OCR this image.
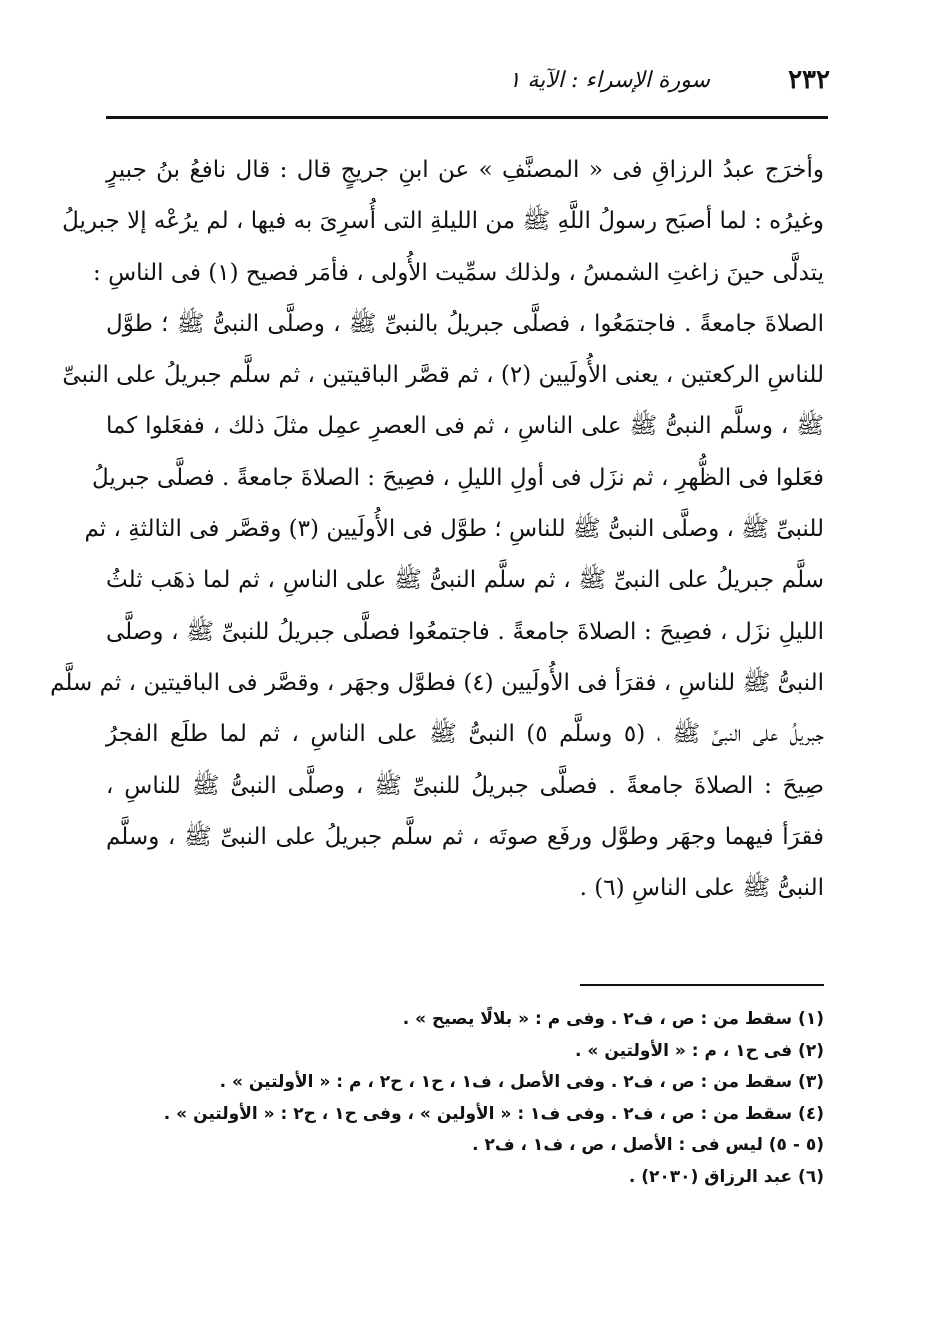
٢٣٢
سورة الإسراء : الآية ١
وأخرَج عبدُ الرزاقِ فى « المصنَّفِ » عن ابنِ جريجٍ قال : قال نافعُ بنُ جبيرٍ
وغيرُه : لما أصبَح رسولُ اللَّهِ ﷺ من الليلةِ التى أُسرِىَ به فيها ، لم يرُعْه إلا جبريلُ
يتدلَّى حينَ زاغتِ الشمسُ ، ولذلك سمِّيت الأُولى ، فأمَر فصيح (١) فى الناسِ :
الصلاةَ جامعةً . فاجتمَعُوا ، فصلَّى جبريلُ بالنبىِّ ﷺ ، وصلَّى النبىُّ ﷺ ؛ طوَّل
للناسِ الركعتين ، يعنى الأُولَيين (٢) ، ثم قصَّر الباقيتين ، ثم سلَّم جبريلُ على النبىِّ
ﷺ ، وسلَّم النبىُّ ﷺ على الناسِ ، ثم فى العصرِ عمِل مثلَ ذلك ، ففعَلوا كما
فعَلوا فى الظُّهرِ ، ثم نزَل فى أولِ الليلِ ، فصِيحَ : الصلاةَ جامعةً . فصلَّى جبريلُ
للنبىِّ ﷺ ، وصلَّى النبىُّ ﷺ للناسِ ؛ طوَّل فى الأُولَيين (٣) وقصَّر فى الثالثةِ ، ثم
سلَّم جبريلُ على النبىِّ ﷺ ، ثم سلَّم النبىُّ ﷺ على الناسِ ، ثم لما ذهَب ثلثُ
الليلِ نزَل ، فصِيحَ : الصلاةَ جامعةً . فاجتمعُوا فصلَّى جبريلُ للنبىِّ ﷺ ، وصلَّى
النبىُّ ﷺ للناسِ ، فقرَأ فى الأُولَيين (٤) فطوَّل وجهَر ، وقصَّر فى الباقيتين ، ثم سلَّم
جبريلُ على النبىِّ ﷺ ، (٥ وسلَّم ٥) النبىُّ ﷺ على الناسِ ، ثم لما طلَع الفجرُ
صِيحَ : الصلاةَ جامعةً . فصلَّى جبريلُ للنبىِّ ﷺ ، وصلَّى النبىُّ ﷺ للناسِ ،
فقرَأ فيهما وجهَر وطوَّل ورفَع صوتَه ، ثم سلَّم جبريلُ على النبىِّ ﷺ ، وسلَّم
النبىُّ ﷺ على الناسِ (٦) .
(١) سقط من : ص ، ف٢ . وفى م : « بلالًا يصيح » .
(٢) فى ح١ ، م : « الأولتين » .
(٣) سقط من : ص ، ف٢ . وفى الأصل ، ف١ ، ح١ ، ح٢ ، م : « الأولتين » .
(٤) سقط من : ص ، ف٢ . وفى ف١ : « الأولين » ، وفى ح١ ، ح٢ : « الأولتين » .
(٥ - ٥) ليس فى : الأصل ، ص ، ف١ ، ف٢ .
(٦) عبد الرزاق (٢٠٣٠) .
